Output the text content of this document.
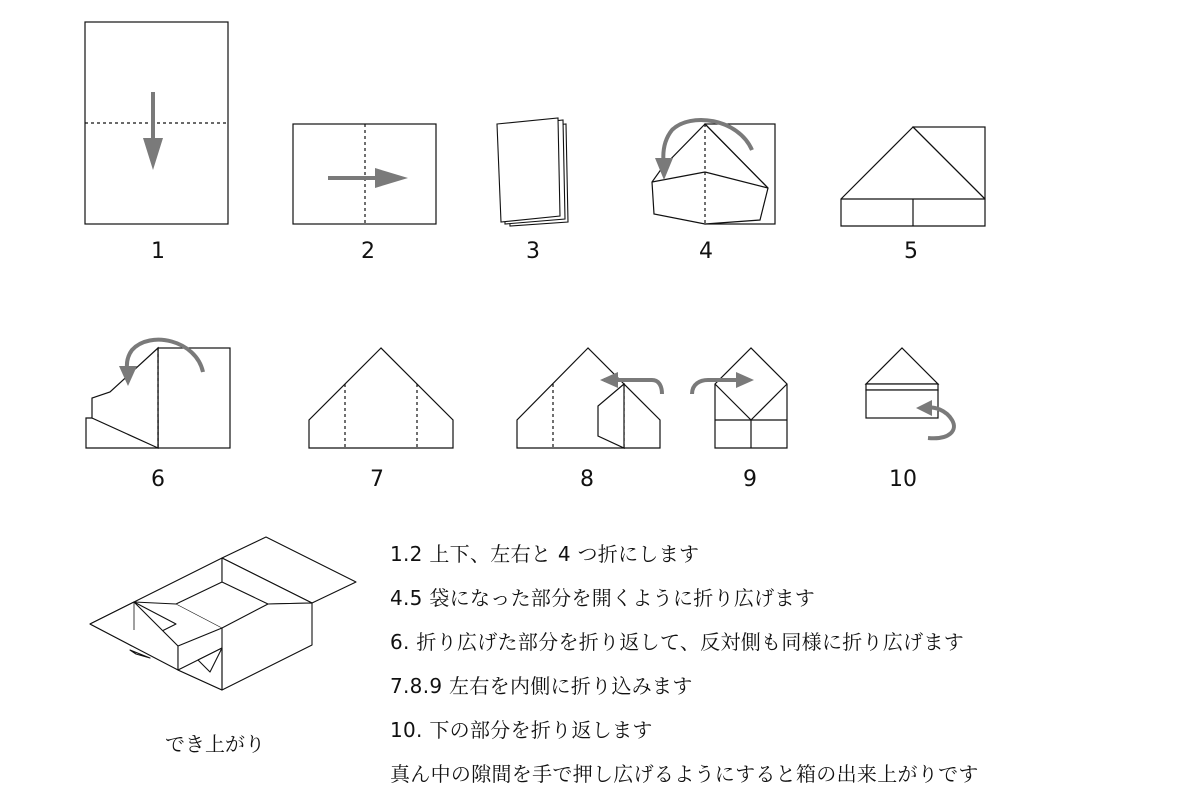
1	2	3	4	5
6	7	8	9	10
1.2 上下、左右と 4 つ折にします
4.5 袋になった部分を開くように折り広げます
6. 折り広げた部分を折り返して、反対側も同様に折り広げます
7.8.9 左右を内側に折り込みます
10. 下の部分を折り返します
真ん中の隙間を手で押し広げるようにすると箱の出来上がりです
でき上がり
